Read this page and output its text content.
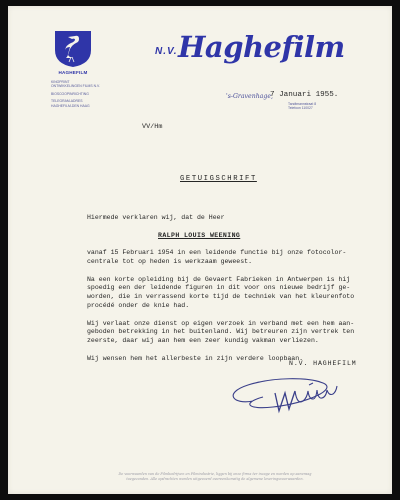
HAGHEFILM
KINOPRINT
ONTWIKKELINGEN FILMS N.V.
BIOSCOOPINRICHTING
TELEGRAM-ADRES
HAGHEFILM-DEN HAAG
N.V. Haghefilm
's-Gravenhage,
7 Januari 1955.
Tandtmannstraat 8
Telefoon 110027
VV/Hm
GETUIGSCHRIFT

Hiermede verklaren wij, dat de Heer

RALPH LOUIS WEENING

vanaf 15 Februari 1954 in een leidende functie bij onze fotocolor-

centrale tot op heden is werkzaam geweest.

Na een korte opleiding bij de Gevaert Fabrieken in Antwerpen is hij

spoedig een der leidende figuren in dit voor ons nieuwe bedrijf ge-

worden, die in verrassend korte tijd de techniek van het kleurenfoto

procédé onder de knie had.

Wij verlaat onze dienst op eigen verzoek in verband met een hem aan-

geboden betrekking in het buitenland. Wij betreuren zijn vertrek ten

zeerste, daar wij aan hem een zeer kundig vakman verliezen.

Wij wensen hem het allerbeste in zijn verdere loopbaan.

N.V. HAGHEFILM
De voorwaarden van de Filmbedrijven en Filmindustrie, liggen bij onze firma ter inzage en worden op aanvraag
toegezonden. Alle opdrachten worden uitgevoerd overeenkomstig de algemene leveringsvoorwaarden.
